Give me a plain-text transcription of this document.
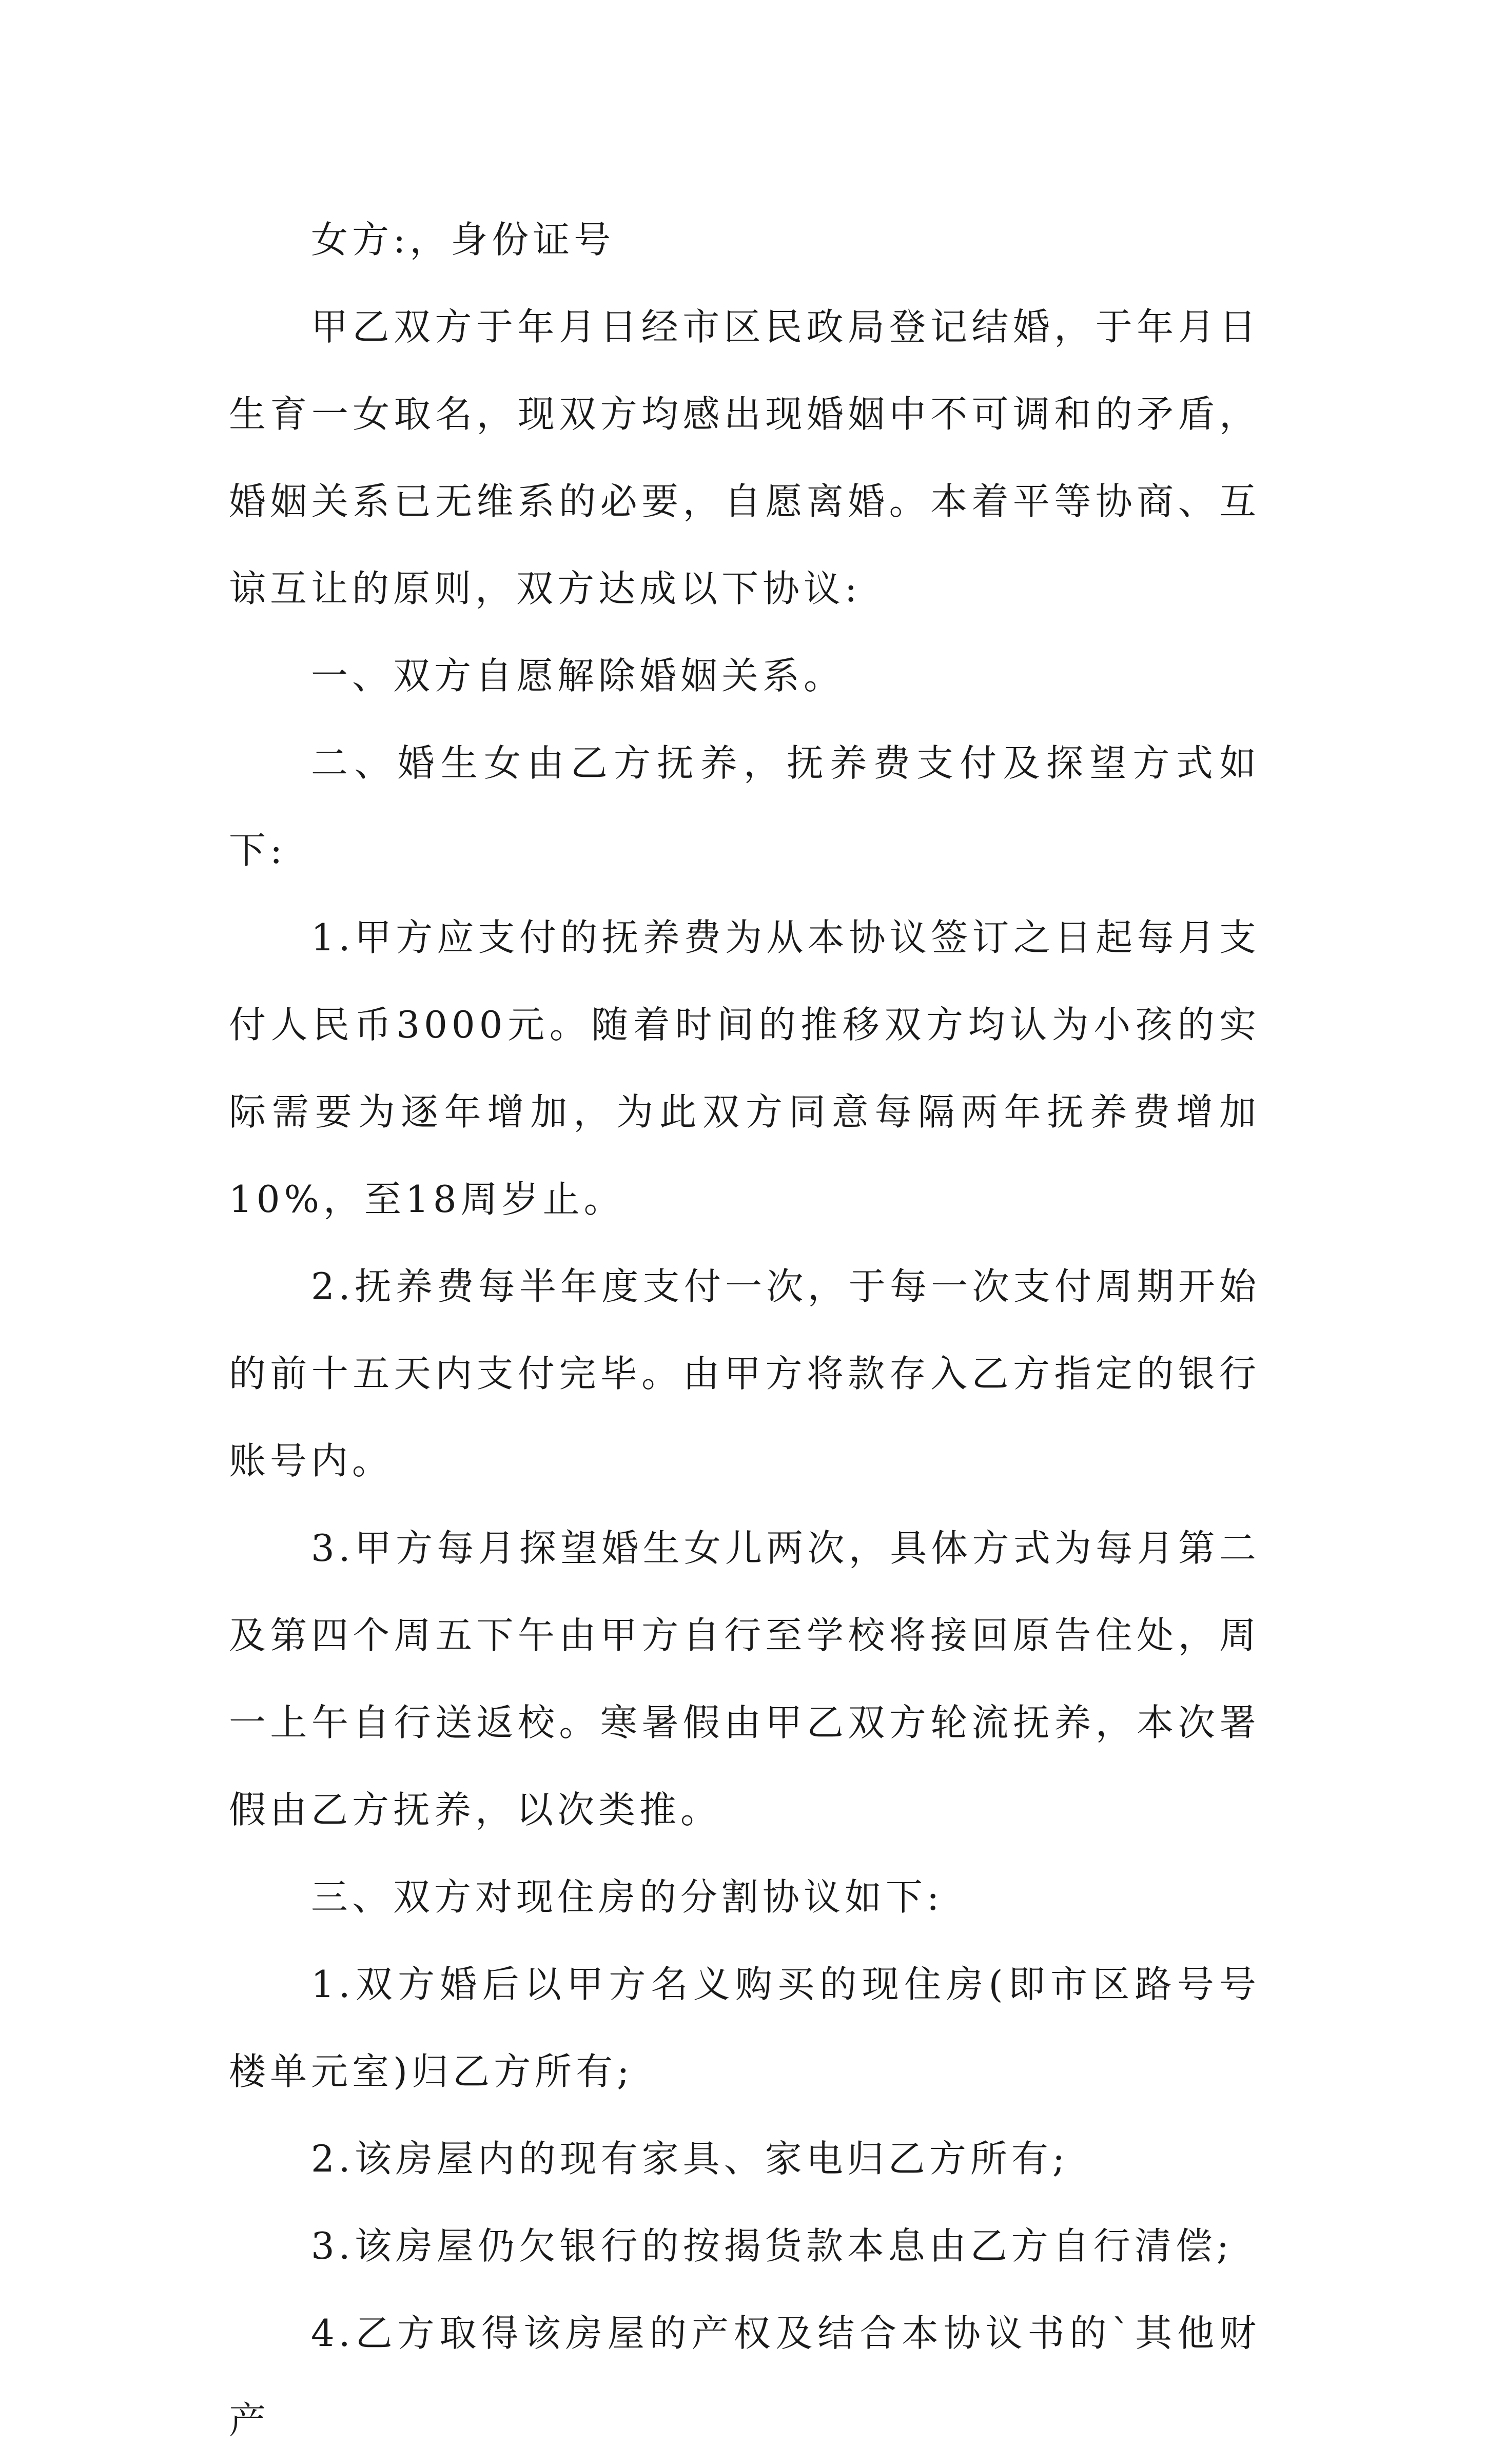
女方:，身份证号

甲乙双方于年月日经市区民政局登记结婚，于年月日生育一女取名，现双方均感出现婚姻中不可调和的矛盾，婚姻关系已无维系的必要，自愿离婚。本着平等协商、互谅互让的原则，双方达成以下协议:

一、双方自愿解除婚姻关系。

二、婚生女由乙方抚养，抚养费支付及探望方式如下:

1.甲方应支付的抚养费为从本协议签订之日起每月支付人民币3000元。随着时间的推移双方均认为小孩的实际需要为逐年增加，为此双方同意每隔两年抚养费增加10%，至18周岁止。

2.抚养费每半年度支付一次，于每一次支付周期开始的前十五天内支付完毕。由甲方将款存入乙方指定的银行账号内。

3.甲方每月探望婚生女儿两次，具体方式为每月第二及第四个周五下午由甲方自行至学校将接回原告住处，周一上午自行送返校。寒暑假由甲乙双方轮流抚养，本次署假由乙方抚养，以次类推。

三、双方对现住房的分割协议如下:

1.双方婚后以甲方名义购买的现住房(即市区路号号楼单元室)归乙方所有;

2.该房屋内的现有家具、家电归乙方所有;

3.该房屋仍欠银行的按揭货款本息由乙方自行清偿;

4.乙方取得该房屋的产权及结合本协议书的`其他财产
